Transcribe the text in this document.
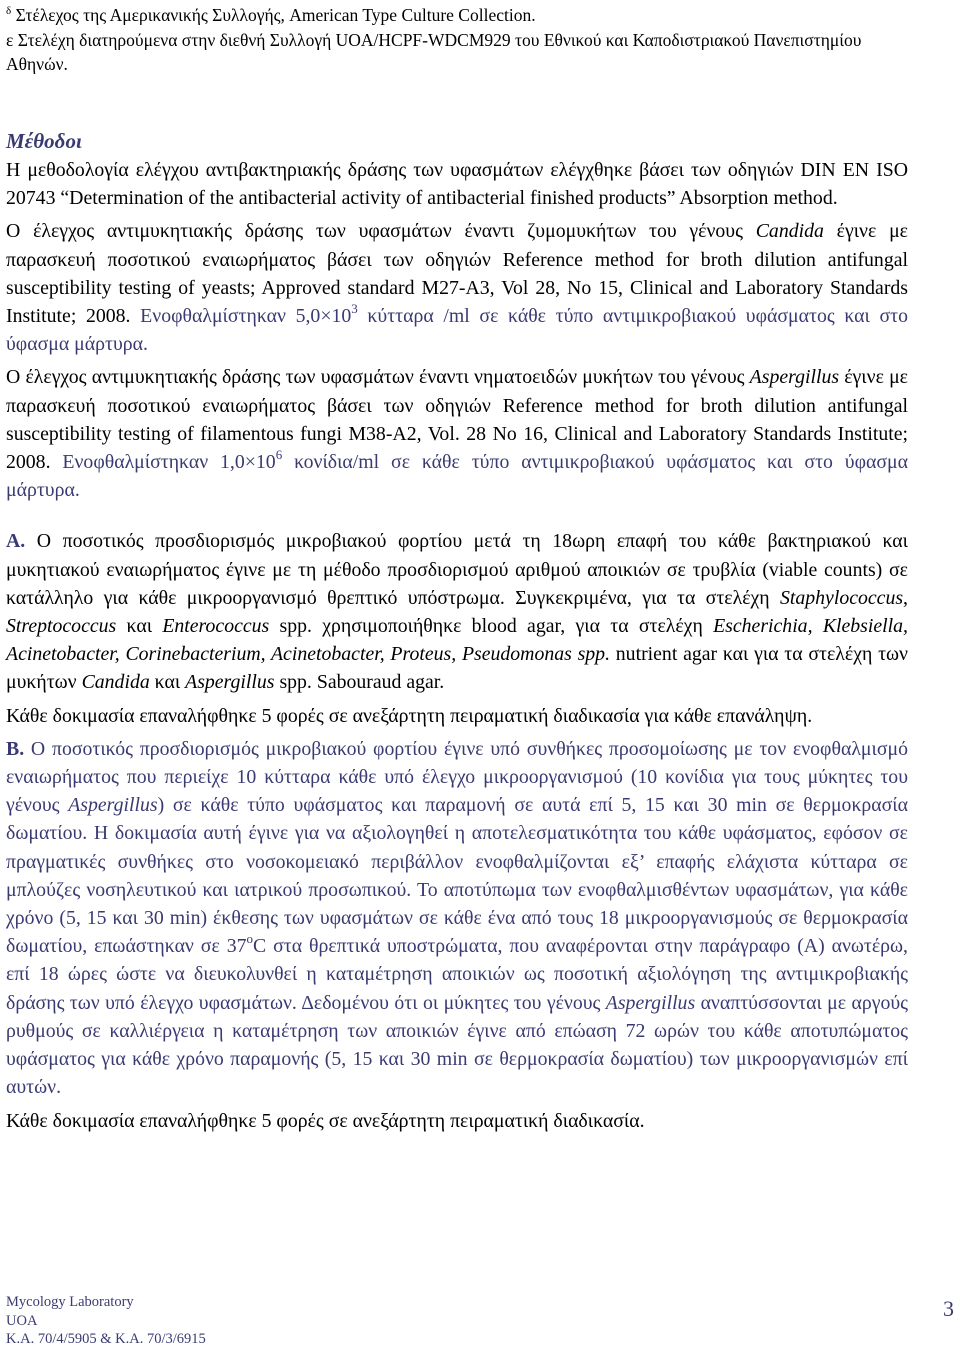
$^\delta$ Στέλεχος της Αμερικανικής Συλλογής, American Type Culture Collection.
ε Στελέχη διατηρούμενα στην διεθνή Συλλογή UOA/HCPF-WDCM929 του Εθνικού και Καποδιστριακού Πανεπιστημίου Αθηνών.
Μέθοδοι

Η μεθοδολογία ελέγχου αντιβακτηριακής δράσης των υφασμάτων ελέγχθηκε βάσει των οδηγιών DIN EN ISO 20743 “Determination of the antibacterial activity of antibacterial finished products” Absorption method.

Ο έλεγχος αντιμυκητιακής δράσης των υφασμάτων έναντι ζυμομυκήτων του γένους Candida έγινε με παρασκευή ποσοτικού εναιωρήματος βάσει των οδηγιών Reference method for broth dilution antifungal susceptibility testing of yeasts; Approved standard M27-A3, Vol 28, No 15, Clinical and Laboratory Standards Institute; 2008. Ενοφθαλμίστηκαν $5,0\times 10^3$ κύτταρα /ml σε κάθε τύπο αντιμικροβιακού υφάσματος και στο ύφασμα μάρτυρα.

Ο έλεγχος αντιμυκητιακής δράσης των υφασμάτων έναντι νηματοειδών μυκήτων του γένους Aspergillus έγινε με παρασκευή ποσοτικού εναιωρήματος βάσει των οδηγιών Reference method for broth dilution antifungal susceptibility testing of filamentous fungi M38-A2, Vol. 28 No 16, Clinical and Laboratory Standards Institute; 2008. Ενοφθαλμίστηκαν $1,0\times 10^6$ κονίδια/ml σε κάθε τύπο αντιμικροβιακού υφάσματος και στο ύφασμα μάρτυρα.

Α. Ο ποσοτικός προσδιορισμός μικροβιακού φορτίου μετά τη 18ωρη επαφή του κάθε βακτηριακού και μυκητιακού εναιωρήματος έγινε με τη μέθοδο προσδιορισμού αριθμού αποικιών σε τρυβλία (viable counts) σε κατάλληλο για κάθε μικροοργανισμό θρεπτικό υπόστρωμα. Συγκεκριμένα, για τα στελέχη Staphylococcus, Streptococcus και Enterococcus spp. χρησιμοποιήθηκε blood agar, για τα στελέχη Escherichia, Klebsiella, Acinetobacter, Corinebacterium, Acinetobacter, Proteus, Pseudomonas spp. nutrient agar και για τα στελέχη των μυκήτων Candida και Aspergillus spp. Sabouraud agar.

Κάθε δοκιμασία επαναλήφθηκε 5 φορές σε ανεξάρτητη πειραματική διαδικασία για κάθε επανάληψη.

Β. Ο ποσοτικός προσδιορισμός μικροβιακού φορτίου έγινε υπό συνθήκες προσομοίωσης με τον ενοφθαλμισμό εναιωρήματος που περιείχε 10 κύτταρα κάθε υπό έλεγχο μικροοργανισμού (10 κονίδια για τους μύκητες του γένους Aspergillus) σε κάθε τύπο υφάσματος και παραμονή σε αυτά επί 5, 15 και 30 min σε θερμοκρασία δωματίου. Η δοκιμασία αυτή έγινε για να αξιολογηθεί η αποτελεσματικότητα του κάθε υφάσματος, εφόσον σε πραγματικές συνθήκες στο νοσοκομειακό περιβάλλον ενοφθαλμίζονται εξ’ επαφής ελάχιστα κύτταρα σε μπλούζες νοσηλευτικού και ιατρικού προσωπικού. Το αποτύπωμα των ενοφθαλμισθέντων υφασμάτων, για κάθε χρόνο (5, 15 και 30 min) έκθεσης των υφασμάτων σε κάθε ένα από τους 18 μικροοργανισμούς σε θερμοκρασία δωματίου, επωάστηκαν σε $37^oC$ στα θρεπτικά υποστρώματα, που αναφέρονται στην παράγραφο (Α) ανωτέρω, επί 18 ώρες ώστε να διευκολυνθεί η καταμέτρηση αποικιών ως ποσοτική αξιολόγηση της αντιμικροβιακής δράσης των υπό έλεγχο υφασμάτων. Δεδομένου ότι οι μύκητες του γένους Aspergillus αναπτύσσονται με αργούς ρυθμούς σε καλλιέργεια η καταμέτρηση των αποικιών έγινε από επώαση 72 ωρών του κάθε αποτυπώματος υφάσματος για κάθε χρόνο παραμονής (5, 15 και 30 min σε θερμοκρασία δωματίου) των μικροοργανισμών επί αυτών.

Κάθε δοκιμασία επαναλήφθηκε 5 φορές σε ανεξάρτητη πειραματική διαδικασία.

Mycology Laboratory
UOA
K.A. 70/4/5905 & K.A. 70/3/6915
3
